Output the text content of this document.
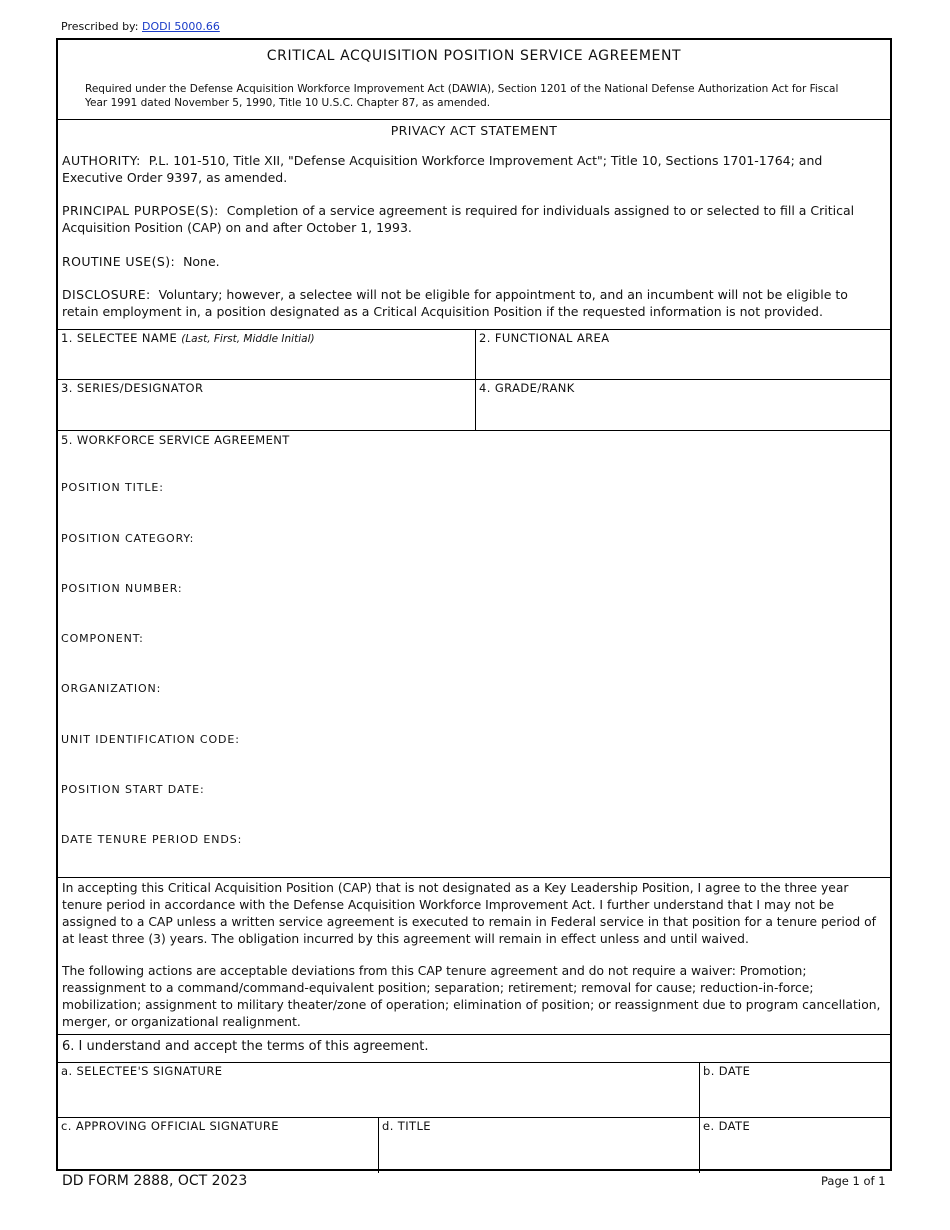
Prescribed by: DODI 5000.66
CRITICAL ACQUISITION POSITION SERVICE AGREEMENT
Required under the Defense Acquisition Workforce Improvement Act (DAWIA), Section 1201 of the National Defense Authorization Act for Fiscal Year 1991 dated November 5, 1990, Title 10 U.S.C. Chapter 87, as amended.
PRIVACY ACT STATEMENT
AUTHORITY: P.L. 101-510, Title XII, "Defense Acquisition Workforce Improvement Act"; Title 10, Sections 1701-1764; and Executive Order 9397, as amended.
PRINCIPAL PURPOSE(S): Completion of a service agreement is required for individuals assigned to or selected to fill a Critical Acquisition Position (CAP) on and after October 1, 1993.
ROUTINE USE(S): None.
DISCLOSURE: Voluntary; however, a selectee will not be eligible for appointment to, and an incumbent will not be eligible to retain employment in, a position designated as a Critical Acquisition Position if the requested information is not provided.
1. SELECTEE NAME (Last, First, Middle Initial)	2. FUNCTIONAL AREA
3. SERIES/DESIGNATOR	4. GRADE/RANK
5. WORKFORCE SERVICE AGREEMENT
POSITION TITLE:
POSITION CATEGORY:
POSITION NUMBER:
COMPONENT:
ORGANIZATION:
UNIT IDENTIFICATION CODE:
POSITION START DATE:
DATE TENURE PERIOD ENDS:
In accepting this Critical Acquisition Position (CAP) that is not designated as a Key Leadership Position, I agree to the three year tenure period in accordance with the Defense Acquisition Workforce Improvement Act. I further understand that I may not be assigned to a CAP unless a written service agreement is executed to remain in Federal service in that position for a tenure period of at least three (3) years. The obligation incurred by this agreement will remain in effect unless and until waived.
The following actions are acceptable deviations from this CAP tenure agreement and do not require a waiver: Promotion; reassignment to a command/command-equivalent position; separation; retirement; removal for cause; reduction-in-force; mobilization; assignment to military theater/zone of operation; elimination of position; or reassignment due to program cancellation, merger, or organizational realignment.
6. I understand and accept the terms of this agreement.
a. SELECTEE'S SIGNATURE	b. DATE
c. APPROVING OFFICIAL SIGNATURE	d. TITLE	e. DATE
DD FORM 2888, OCT 2023	Page 1 of 1
